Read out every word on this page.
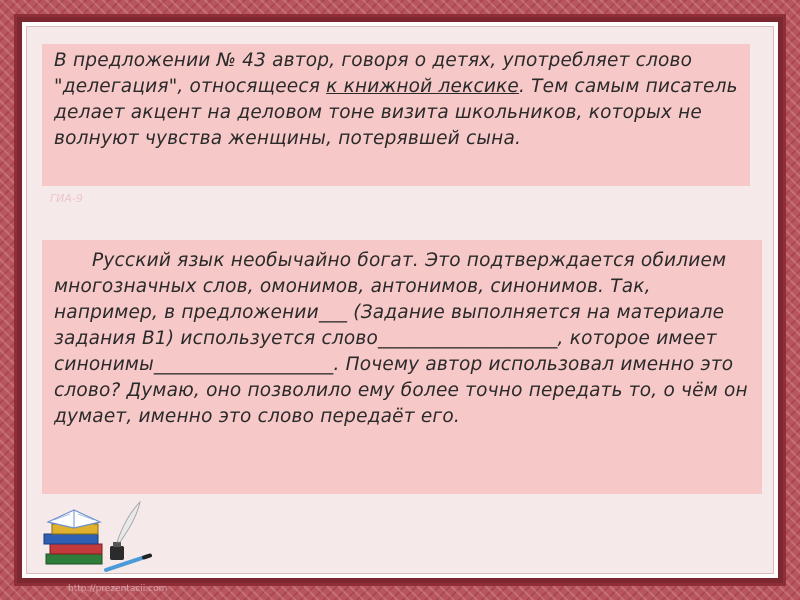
В предложении № 43 автор, говоря о детях, употребляет слово "делегация", относящееся к книжной лексике. Тем самым писатель делает акцент на деловом тоне визита школьников, которых не волнуют чувства женщины, потерявшей сына.

ГИА-9

Русский язык необычайно богат. Это подтверждается обилием многозначных слов, омонимов, антонимов, синонимов. Так, например, в предложении___ (Задание выполняется на материале задания В1) используется слово___________________, которое имеет синонимы___________________. Почему автор использовал именно это слово? Думаю, оно позволило ему более точно передать то, о чём он думает, именно это слово передаёт его.

http://prezentacii.com
